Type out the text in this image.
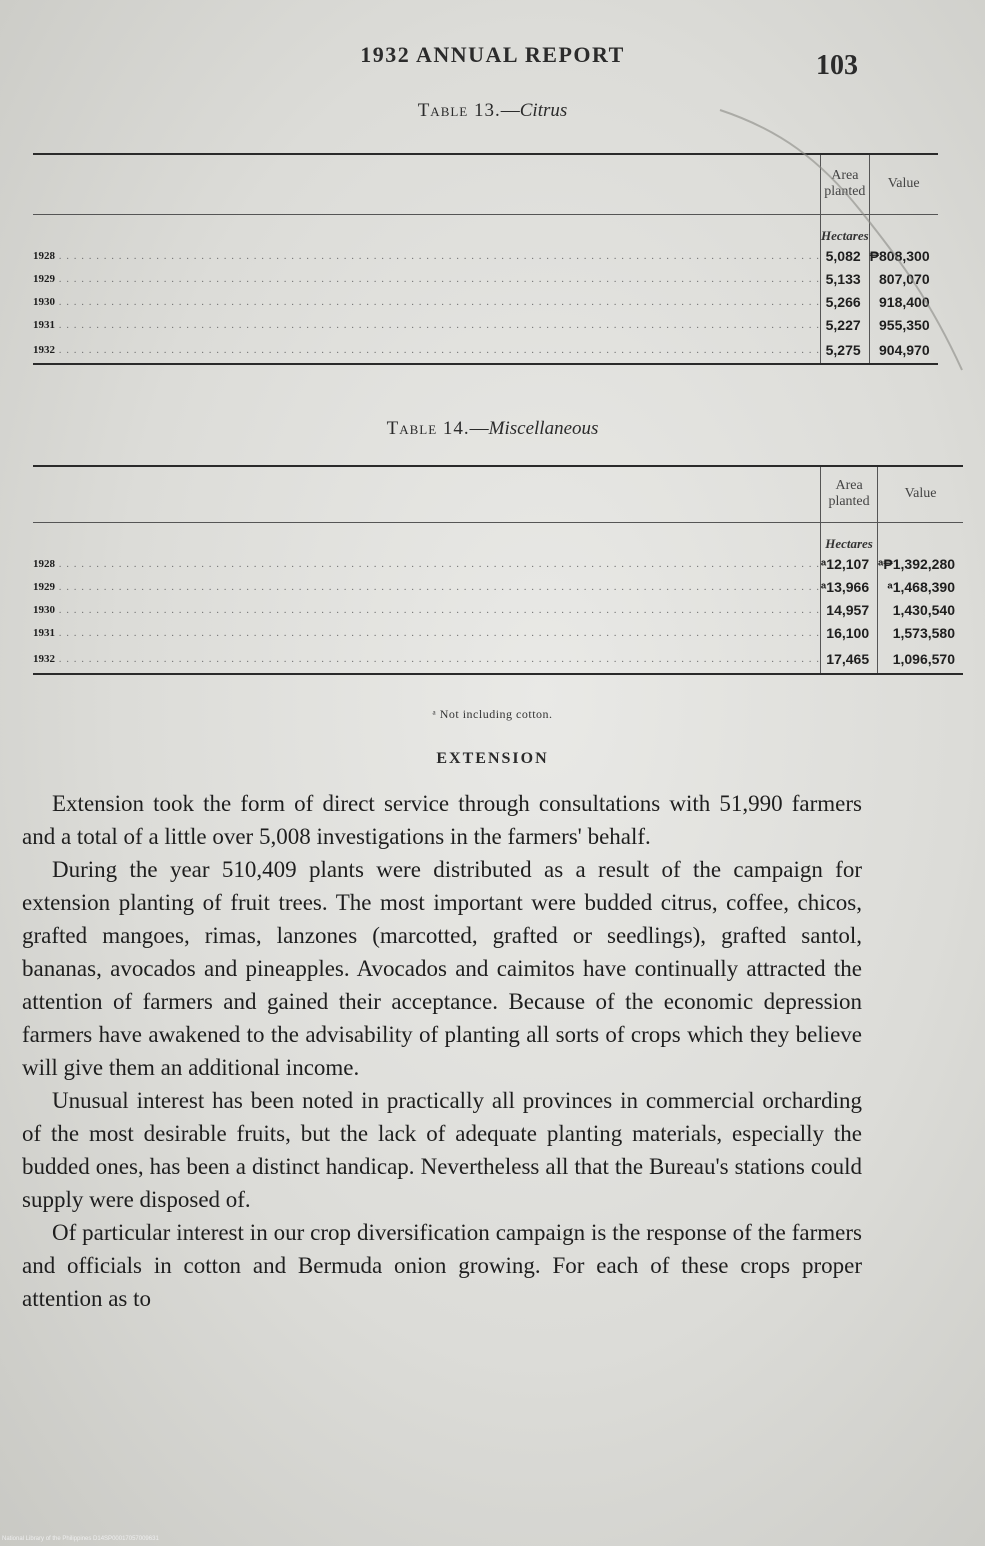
1932 ANNUAL REPORT	103
Table 13.—Citrus
	Area planted	Value
	Hectares	
1928 . . .	5,082	₱808,300
1929 . . .	5,133	807,070
1930 . . .	5,266	918,400
1931 . . .	5,227	955,350
1932 . . .	5,275	904,970
Table 14.—Miscellaneous
	Area planted	Value
	Hectares	
1928 . . .	ᵃ12,107	ᵃ₱1,392,280
1929 . . .	ᵃ13,966	ᵃ1,468,390
1930 . . .	14,957	1,430,540
1931 . . .	16,100	1,573,580
1932 . . .	17,465	1,096,570
ᵃ Not including cotton.
EXTENSION

Extension took the form of direct service through consultations with 51,990 farmers and a total of a little over 5,008 investigations in the farmers' behalf.

During the year 510,409 plants were distributed as a result of the campaign for extension planting of fruit trees. The most important were budded citrus, coffee, chicos, grafted mangoes, rimas, lanzones (marcotted, grafted or seedlings), grafted santol, bananas, avocados and pineapples. Avocados and caimitos have continually attracted the attention of farmers and gained their acceptance. Because of the economic depression farmers have awakened to the advisability of planting all sorts of crops which they believe will give them an additional income.

Unusual interest has been noted in practically all provinces in commercial orcharding of the most desirable fruits, but the lack of adequate planting materials, especially the budded ones, has been a distinct handicap. Nevertheless all that the Bureau's stations could supply were disposed of.

Of particular interest in our crop diversification campaign is the response of the farmers and officials in cotton and Bermuda onion growing. For each of these crops proper attention as to

National Library of the Philippines D14SP00017057009631
